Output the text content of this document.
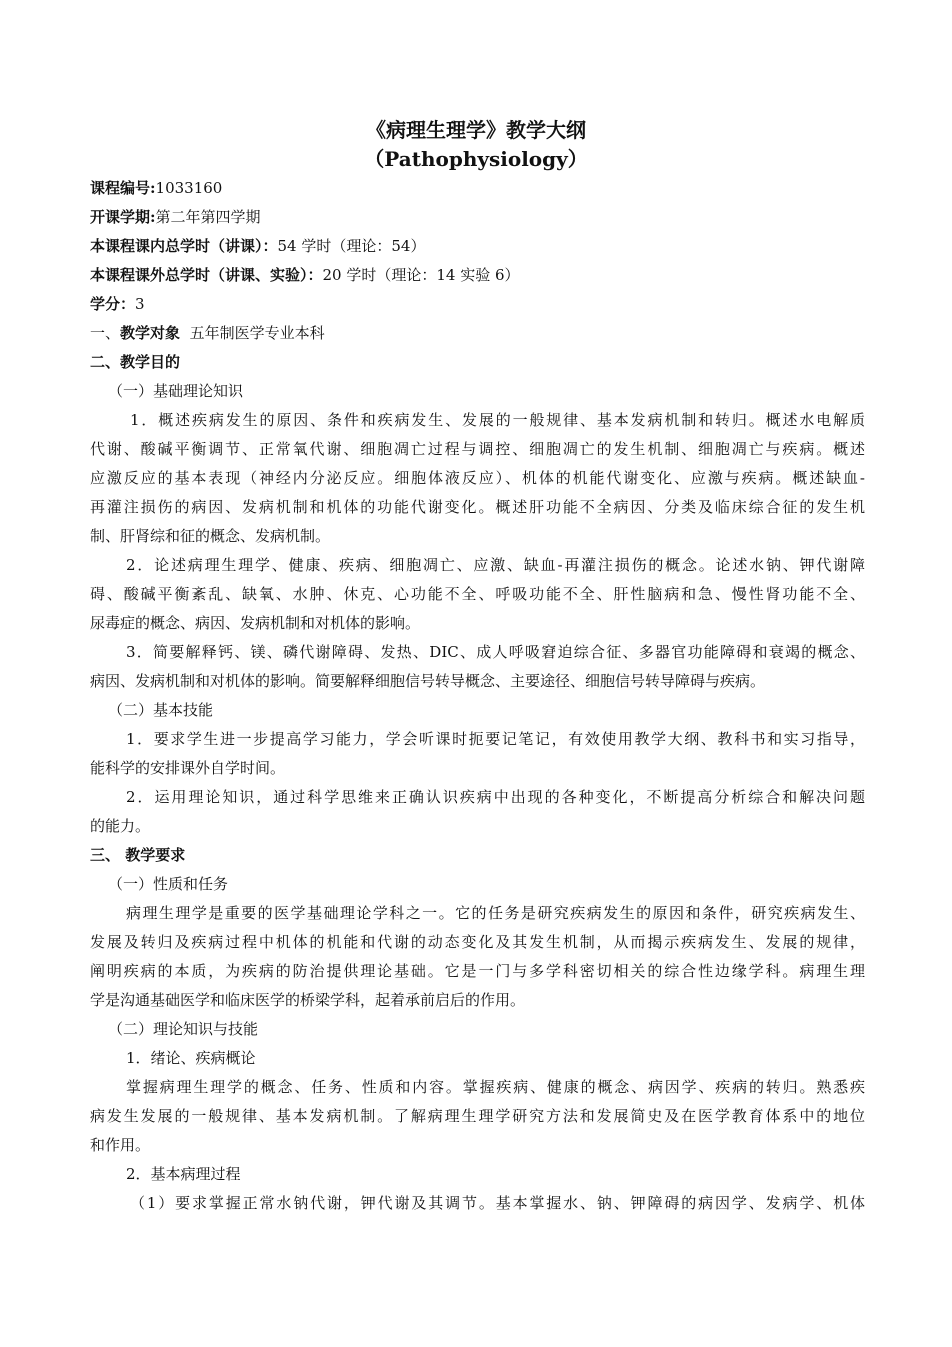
《病理生理学》教学大纲
（Pathophysiology）
课程编号:1033160
开课学期:第二年第四学期
本课程课内总学时（讲课）：54 学时（理论：54）
本课程课外总学时（讲课、实验）：20 学时（理论：14 实验 6）
学分：3
一、教学对象 五年制医学专业本科
二、教学目的
（一）基础理论知识
1．概述疾病发生的原因、条件和疾病发生、发展的一般规律、基本发病机制和转归。概述水电解质
代谢、酸碱平衡调节、正常氧代谢、细胞凋亡过程与调控、细胞凋亡的发生机制、细胞凋亡与疾病。概述
应激反应的基本表现（神经内分泌反应。细胞体液反应）、机体的机能代谢变化、应激与疾病。概述缺血-
再灌注损伤的病因、发病机制和机体的功能代谢变化。概述肝功能不全病因、分类及临床综合征的发生机
制、肝肾综和征的概念、发病机制。
2．论述病理生理学、健康、疾病、细胞凋亡、应激、缺血-再灌注损伤的概念。论述水钠、钾代谢障
碍、酸碱平衡紊乱、缺氧、水肿、休克、心功能不全、呼吸功能不全、肝性脑病和急、慢性肾功能不全、
尿毒症的概念、病因、发病机制和对机体的影响。
3．简要解释钙、镁、磷代谢障碍、发热、DIC、成人呼吸窘迫综合征、多器官功能障碍和衰竭的概念、
病因、发病机制和对机体的影响。简要解释细胞信号转导概念、主要途径、细胞信号转导障碍与疾病。
（二）基本技能
1．要求学生进一步提高学习能力，学会听课时扼要记笔记，有效使用教学大纲、教科书和实习指导，
能科学的安排课外自学时间。
2．运用理论知识，通过科学思维来正确认识疾病中出现的各种变化，不断提高分析综合和解决问题
的能力。
三、 教学要求
（一）性质和任务
病理生理学是重要的医学基础理论学科之一。它的任务是研究疾病发生的原因和条件，研究疾病发生、
发展及转归及疾病过程中机体的机能和代谢的动态变化及其发生机制，从而揭示疾病发生、发展的规律，
阐明疾病的本质，为疾病的防治提供理论基础。它是一门与多学科密切相关的综合性边缘学科。病理生理
学是沟通基础医学和临床医学的桥梁学科，起着承前启后的作用。
（二）理论知识与技能
1．绪论、疾病概论
掌握病理生理学的概念、任务、性质和内容。掌握疾病、健康的概念、病因学、疾病的转归。熟悉疾
病发生发展的一般规律、基本发病机制。了解病理生理学研究方法和发展简史及在医学教育体系中的地位
和作用。
2．基本病理过程
（1）要求掌握正常水钠代谢，钾代谢及其调节。基本掌握水、钠、钾障碍的病因学、发病学、机体
